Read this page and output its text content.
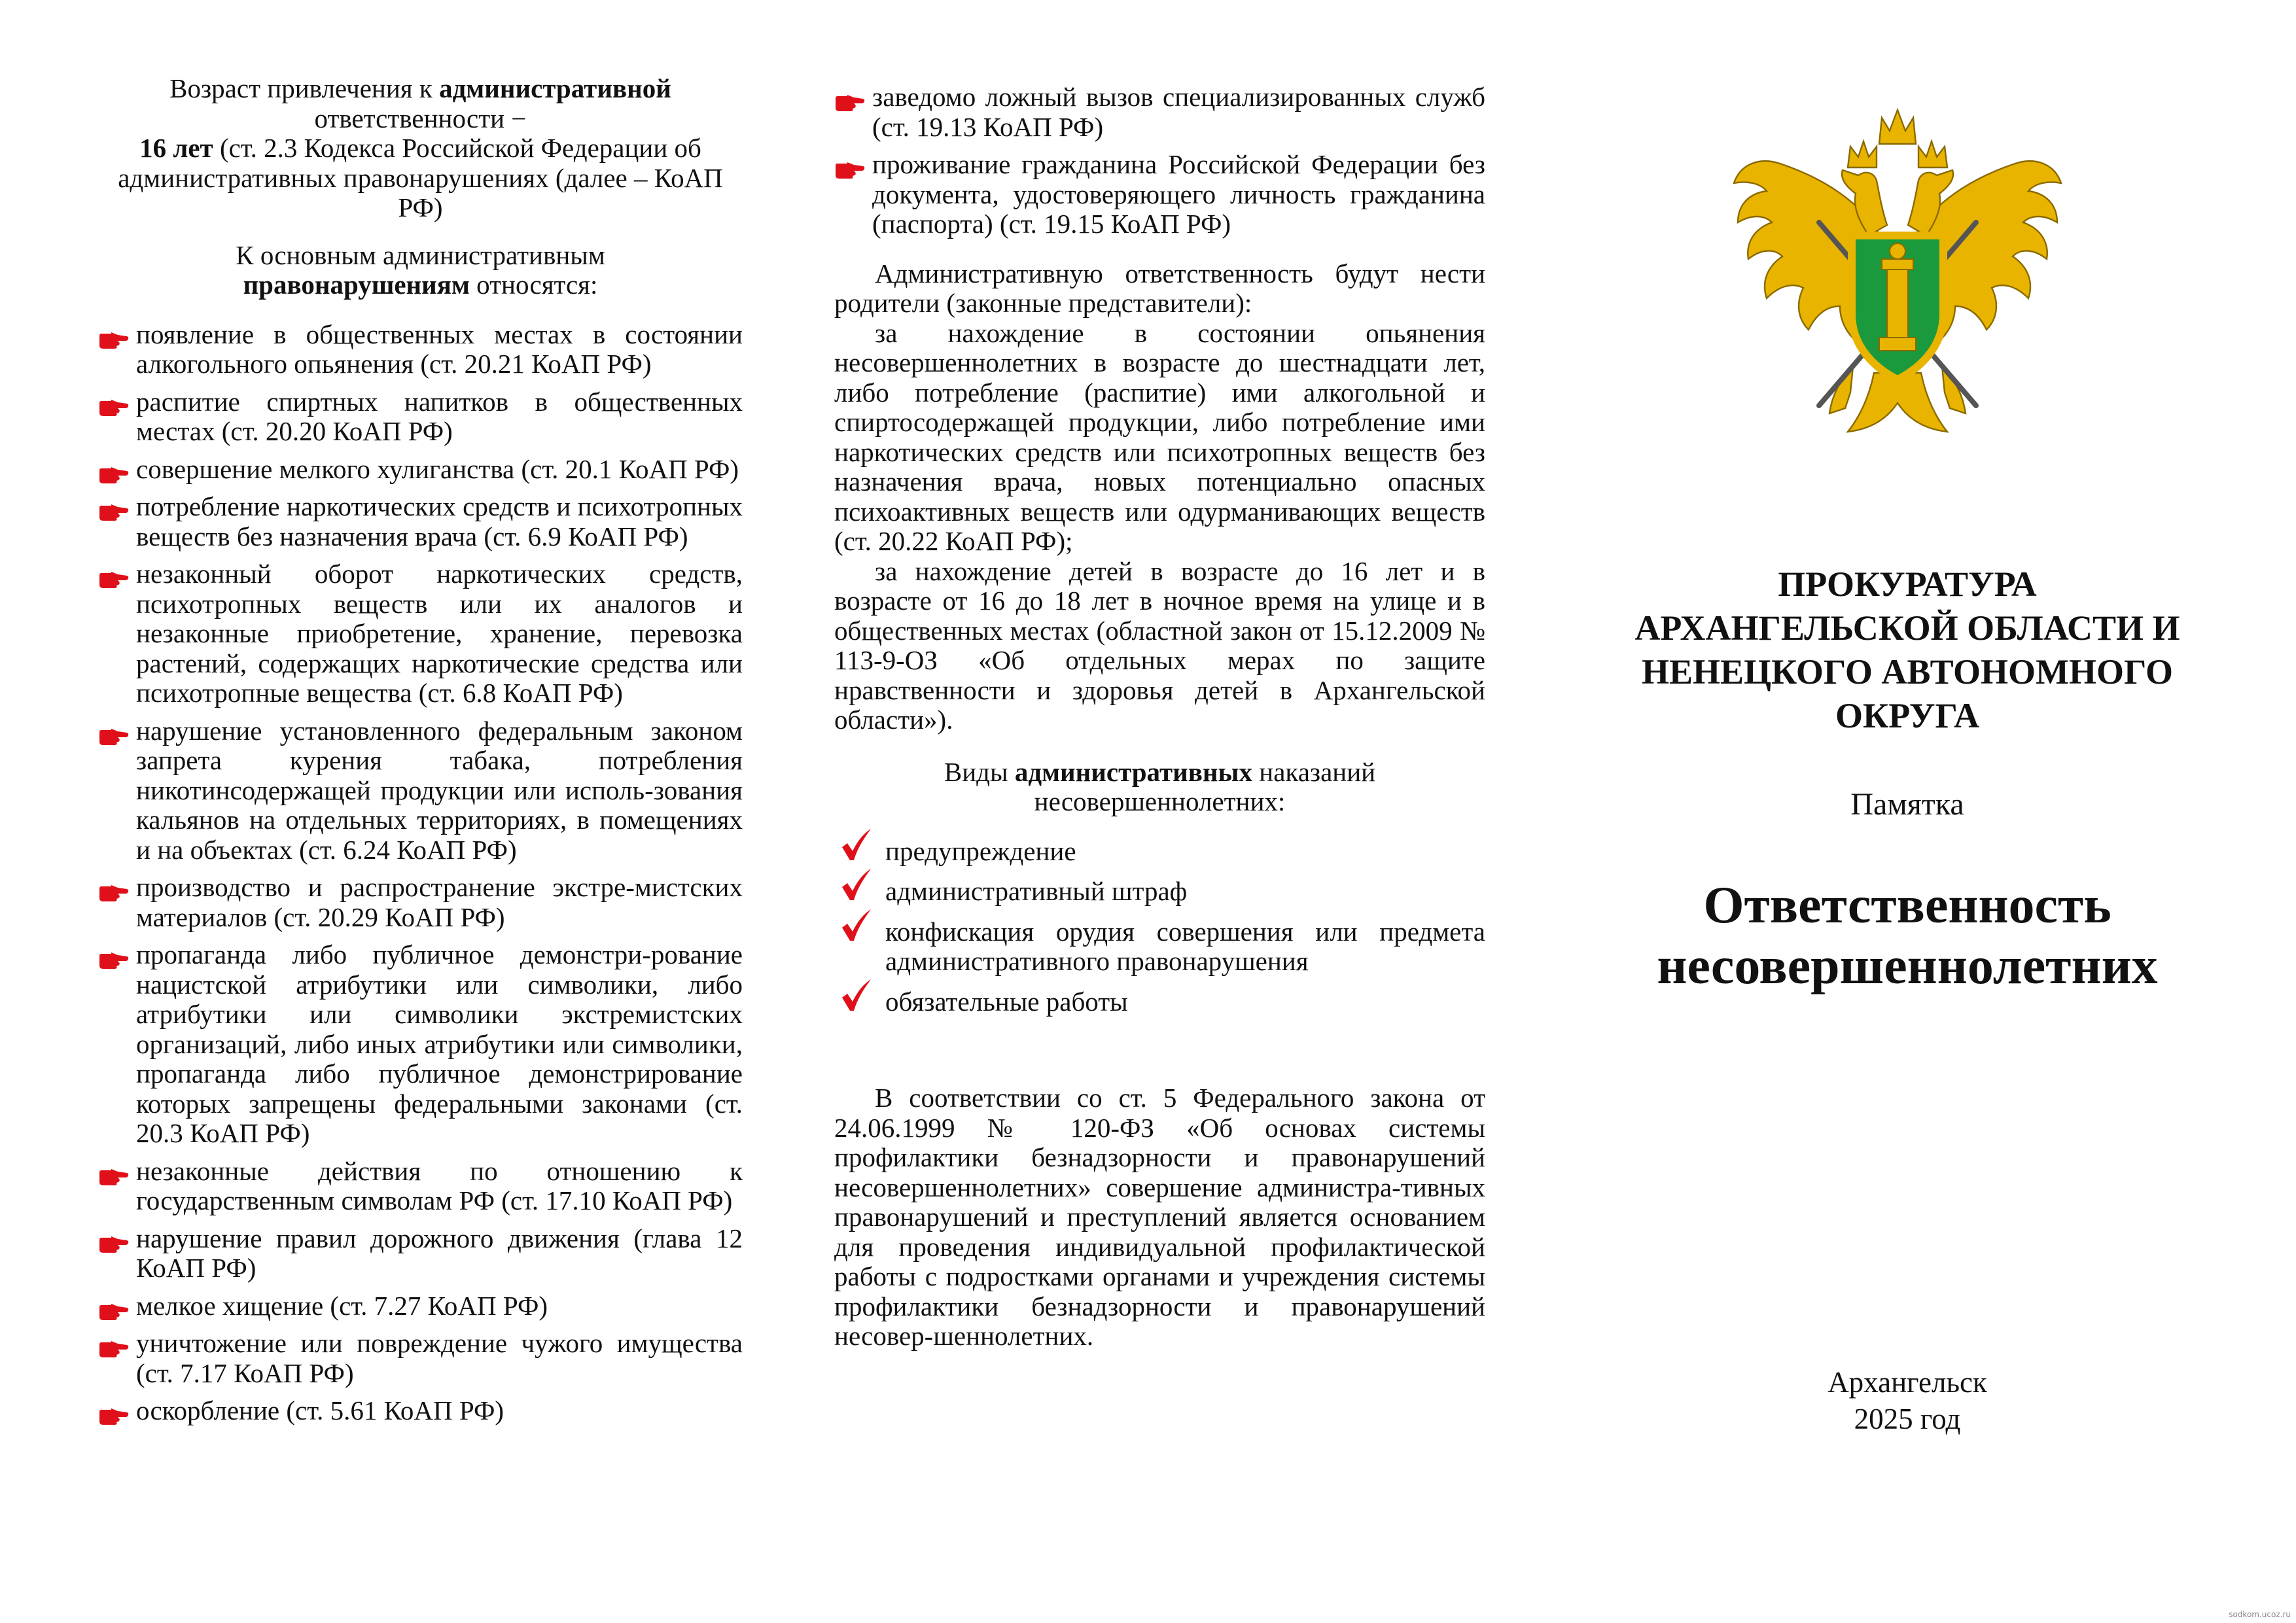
Возраст привлечения к административной
ответственности −
16 лет (ст. 2.3 Кодекса Российской Федерации об административных правонарушениях (далее – КоАП РФ)
К основным административным
правонарушениям относятся:
появление в общественных местах в состоянии алкогольного опьянения (ст. 20.21 КоАП РФ)
распитие спиртных напитков в общественных местах (ст. 20.20 КоАП РФ)
совершение мелкого хулиганства (ст. 20.1 КоАП РФ)
потребление наркотических средств и психотропных веществ без назначения врача (ст. 6.9 КоАП РФ)
незаконный оборот наркотических средств, психотропных веществ или их аналогов и незаконные приобретение, хранение, перевозка растений, содержащих наркотические средства или психотропные вещества (ст. 6.8 КоАП РФ)
нарушение установленного федеральным законом запрета курения табака, потребления никотинсодержащей продукции или исполь-зования кальянов на отдельных территориях, в помещениях и на объектах (ст. 6.24 КоАП РФ)
производство и распространение экстре-мистских материалов (ст. 20.29 КоАП РФ)
пропаганда либо публичное демонстри-рование нацистской атрибутики или символики, либо атрибутики или символики экстремистских организаций, либо иных атрибутики или символики, пропаганда либо публичное демонстрирование которых запрещены федеральными законами (ст. 20.3 КоАП РФ)
незаконные действия по отношению к государственным символам РФ (ст. 17.10 КоАП РФ)
нарушение правил дорожного движения (глава 12 КоАП РФ)
мелкое хищение (ст. 7.27 КоАП РФ)
уничтожение или повреждение чужого имущества (ст. 7.17 КоАП РФ)
оскорбление (ст. 5.61 КоАП РФ)
заведомо ложный вызов специализированных служб (ст. 19.13 КоАП РФ)
проживание гражданина Российской Федерации без документа, удостоверяющего личность гражданина (паспорта) (ст. 19.15 КоАП РФ)
Административную ответственность будут нести родители (законные представители):
за нахождение в состоянии опьянения несовершеннолетних в возрасте до шестнадцати лет, либо потребление (распитие) ими алкогольной и спиртосодержащей продукции, либо потребление ими наркотических средств или психотропных веществ без назначения врача, новых потенциально опасных психоактивных веществ или одурманивающих веществ (ст. 20.22 КоАП РФ);
за нахождение детей в возрасте до 16 лет и в возрасте от 16 до 18 лет в ночное время на улице и в общественных местах (областной закон от 15.12.2009 № 113-9-ОЗ «Об отдельных мерах по защите нравственности и здоровья детей в Архангельской области»).
Виды административных наказаний
несовершеннолетних:
предупреждение
административный штраф
конфискация орудия совершения или предмета административного правонарушения
обязательные работы
В соответствии со ст. 5 Федерального закона от 24.06.1999 № 120-ФЗ «Об основах системы профилактики безнадзорности и правонарушений несовершеннолетних» совершение администра-тивных правонарушений и преступлений является основанием для проведения индивидуальной профилактической работы с подростками органами и учреждения системы профилактики безнадзорности и правонарушений несовер-шеннолетних.
ПРОКУРАТУРА
АРХАНГЕЛЬСКОЙ ОБЛАСТИ И
НЕНЕЦКОГО АВТОНОМНОГО
ОКРУГА
Памятка
Ответственность
несовершеннолетних
Архангельск
2025 год
sodkom.ucoz.ru
